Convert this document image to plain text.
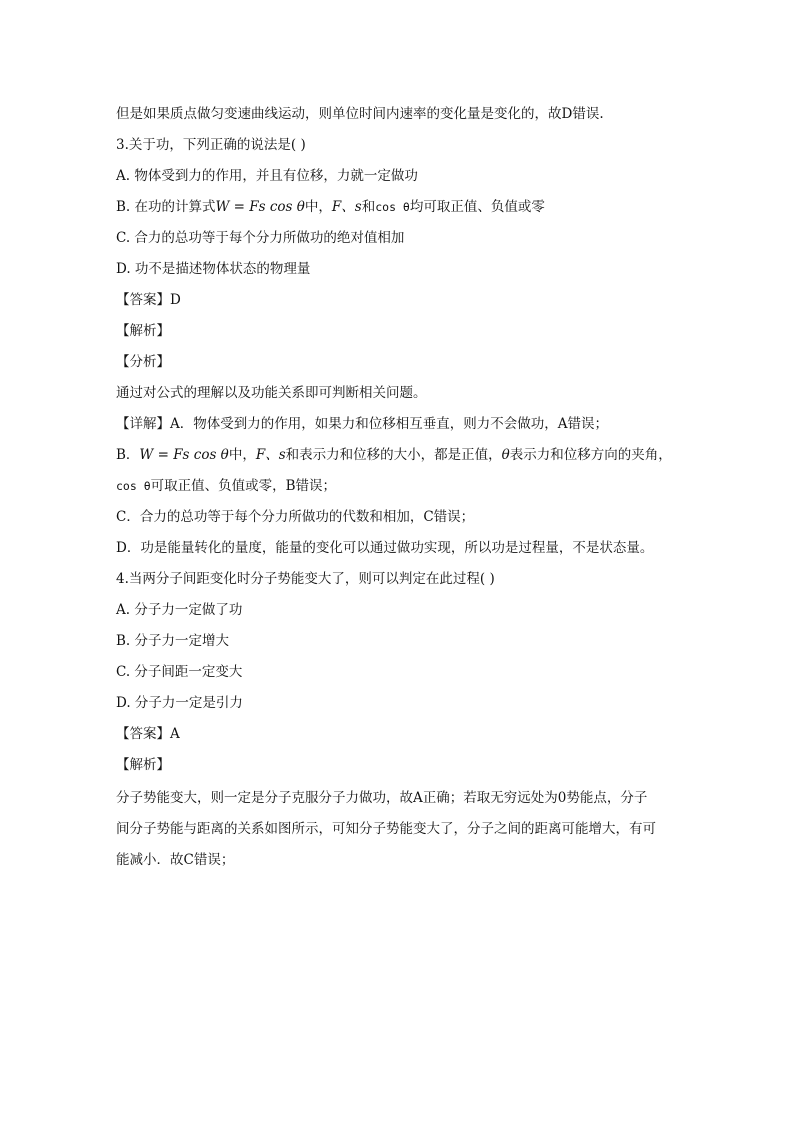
但是如果质点做匀变速曲线运动，则单位时间内速率的变化量是变化的，故D错误.
3.关于功，下列正确的说法是( )
A. 物体受到力的作用，并且有位移，力就一定做功
B. 在功的计算式W = Fs cos θ中，F、s和cos θ均可取正值、负值或零
C. 合力的总功等于每个分力所做功的绝对值相加
D. 功不是描述物体状态的物理量
【答案】D
【解析】
【分析】
通过对公式的理解以及功能关系即可判断相关问题。
【详解】A．物体受到力的作用，如果力和位移相互垂直，则力不会做功，A错误；
B．W = Fs cos θ中，F、s和表示力和位移的大小，都是正值，θ表示力和位移方向的夹角，
cos θ可取正值、负值或零，B错误；
C．合力的总功等于每个分力所做功的代数和相加，C错误；
D．功是能量转化的量度，能量的变化可以通过做功实现，所以功是过程量，不是状态量。
4.当两分子间距变化时分子势能变大了，则可以判定在此过程( )
A. 分子力一定做了功
B. 分子力一定增大
C. 分子间距一定变大
D. 分子力一定是引力
【答案】A
【解析】
分子势能变大，则一定是分子克服分子力做功，故A正确；若取无穷远处为0势能点，分子
间分子势能与距离的关系如图所示，可知分子势能变大了，分子之间的距离可能增大，有可
能减小．故C错误；
